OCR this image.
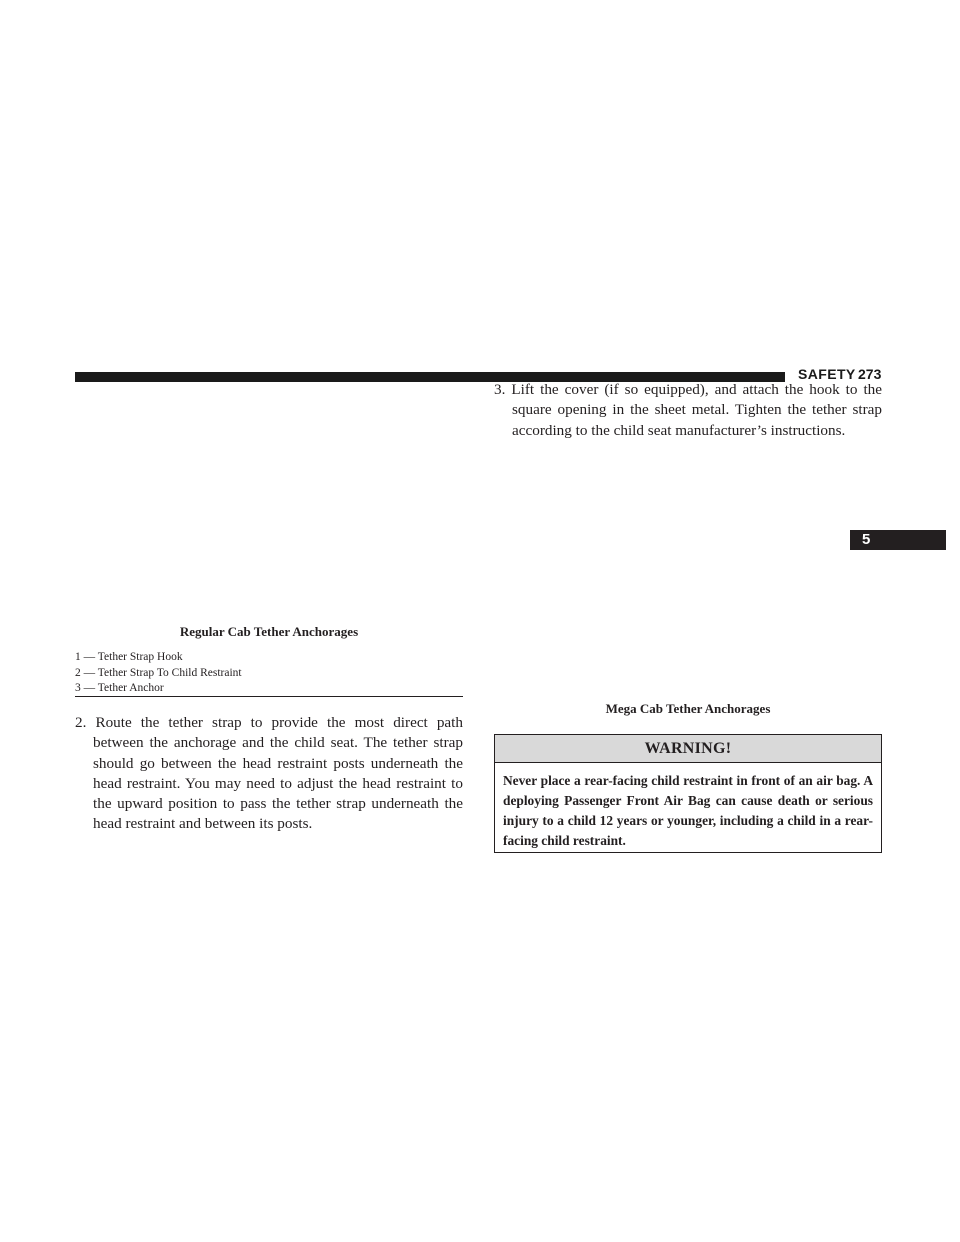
SAFETY 273
5
Regular Cab Tether Anchorages
1 — Tether Strap Hook
2 — Tether Strap To Child Restraint
3 — Tether Anchor
2. Route the tether strap to provide the most direct path between the anchorage and the child seat. The tether strap should go between the head restraint posts underneath the head restraint. You may need to adjust the head restraint to the upward position to pass the tether strap underneath the head restraint and between its posts.
3. Lift the cover (if so equipped), and attach the hook to the square opening in the sheet metal. Tighten the tether strap according to the child seat manufacturer’s instructions.
Mega Cab Tether Anchorages
WARNING!
Never place a rear-facing child restraint in front of an air bag. A deploying Passenger Front Air Bag can cause death or serious injury to a child 12 years or younger, including a child in a rear-facing child restraint.
